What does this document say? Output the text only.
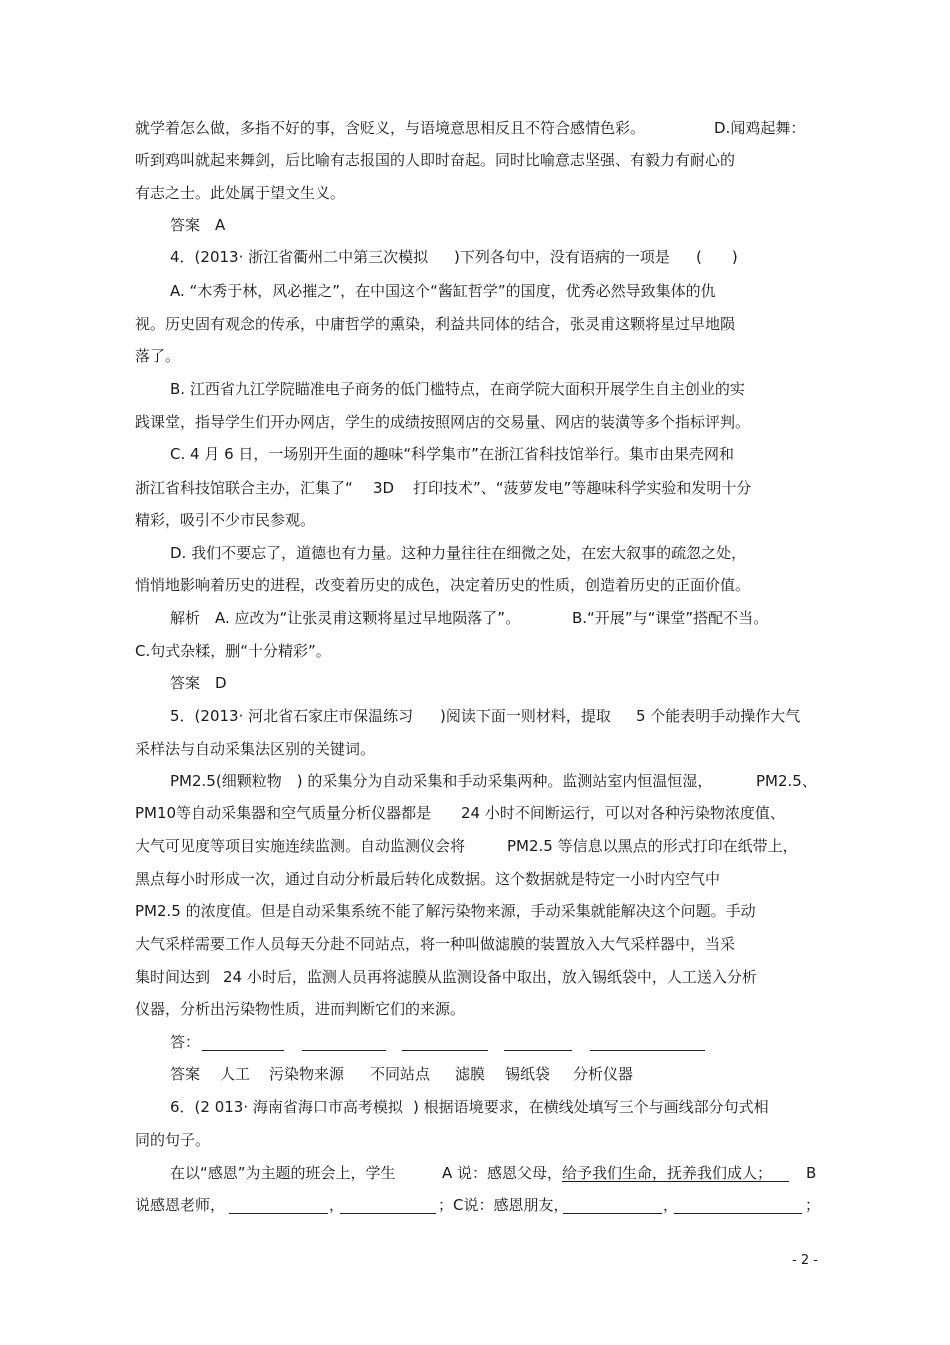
就学着怎么做，多指不好的事，含贬义，与语境意思相反且不符合感情色彩。	D.闻鸡起舞：
听到鸡叫就起来舞剑，后比喻有志报国的人即时奋起。同时比喻意志坚强、有毅力有耐心的
有志之士。此处属于望文生义。
答案　A
4．(2013· 浙江省衢州二中第三次模拟 )下列各句中，没有语病的一项是 (　　)
A. “木秀于林，风必摧之”，在中国这个“酱缸哲学”的国度，优秀必然导致集体的仇
视。历史固有观念的传承，中庸哲学的熏染，利益共同体的结合，张灵甫这颗将星过早地陨
落了。
B. 江西省九江学院瞄准电子商务的低门槛特点，在商学院大面积开展学生自主创业的实
践课堂，指导学生们开办网店，学生的成绩按照网店的交易量、网店的装潢等多个指标评判。
C. 4 月 6 日，一场别开生面的趣味“科学集市”在浙江省科技馆举行。集市由果壳网和
浙江省科技馆联合主办，汇集了“ 3D 打印技术”、“菠萝发电”等趣味科学实验和发明十分
精彩，吸引不少市民参观。
D. 我们不要忘了，道德也有力量。这种力量往往在细微之处，在宏大叙事的疏忽之处，
悄悄地影响着历史的进程，改变着历史的成色，决定着历史的性质，创造着历史的正面价值。
解析　A. 应改为“让张灵甫这颗将星过早地陨落了”。	B.“开展”与“课堂”搭配不当。
C.句式杂糅，删“十分精彩”。
答案　D
5．(2013· 河北省石家庄市保温练习 )阅读下面一则材料，提取 5 个能表明手动操作大气
采样法与自动采集法区别的关键词。
PM2.5(细颗粒物　) 的采集分为自动采集和手动采集两种。监测站室内恒温恒湿，	PM2.5、
PM10等自动采集器和空气质量分析仪器都是 24 小时不间断运行，可以对各种污染物浓度值、
大气可见度等项目实施连续监测。自动监测仪会将	PM2.5 等信息以黑点的形式打印在纸带上，
黑点每小时形成一次，通过自动分析最后转化成数据。这个数据就是特定一小时内空气中
PM2.5 的浓度值。但是自动采集系统不能了解污染物来源，手动采集就能解决这个问题。手动
大气采样需要工作人员每天分赴不同站点，将一种叫做滤膜的装置放入大气采样器中，当采
集时间达到 24 小时后，监测人员再将滤膜从监测设备中取出，放入锡纸袋中，人工送入分析
仪器，分析出污染物性质，进而判断它们的来源。
答：
答案 人工 污染物来源 不同站点 滤膜 锡纸袋 分析仪器
6．(2 013· 海南省海口市高考模拟 ) 根据语境要求，在横线处填写三个与画线部分句式相
同的句子。
在以“感恩”为主题的班会上，学生	A 说：感恩父母， 给予我们生命，抚养我们成人； B
说感恩老师，	，	；C说：感恩朋友，	，	；
- 2 -
